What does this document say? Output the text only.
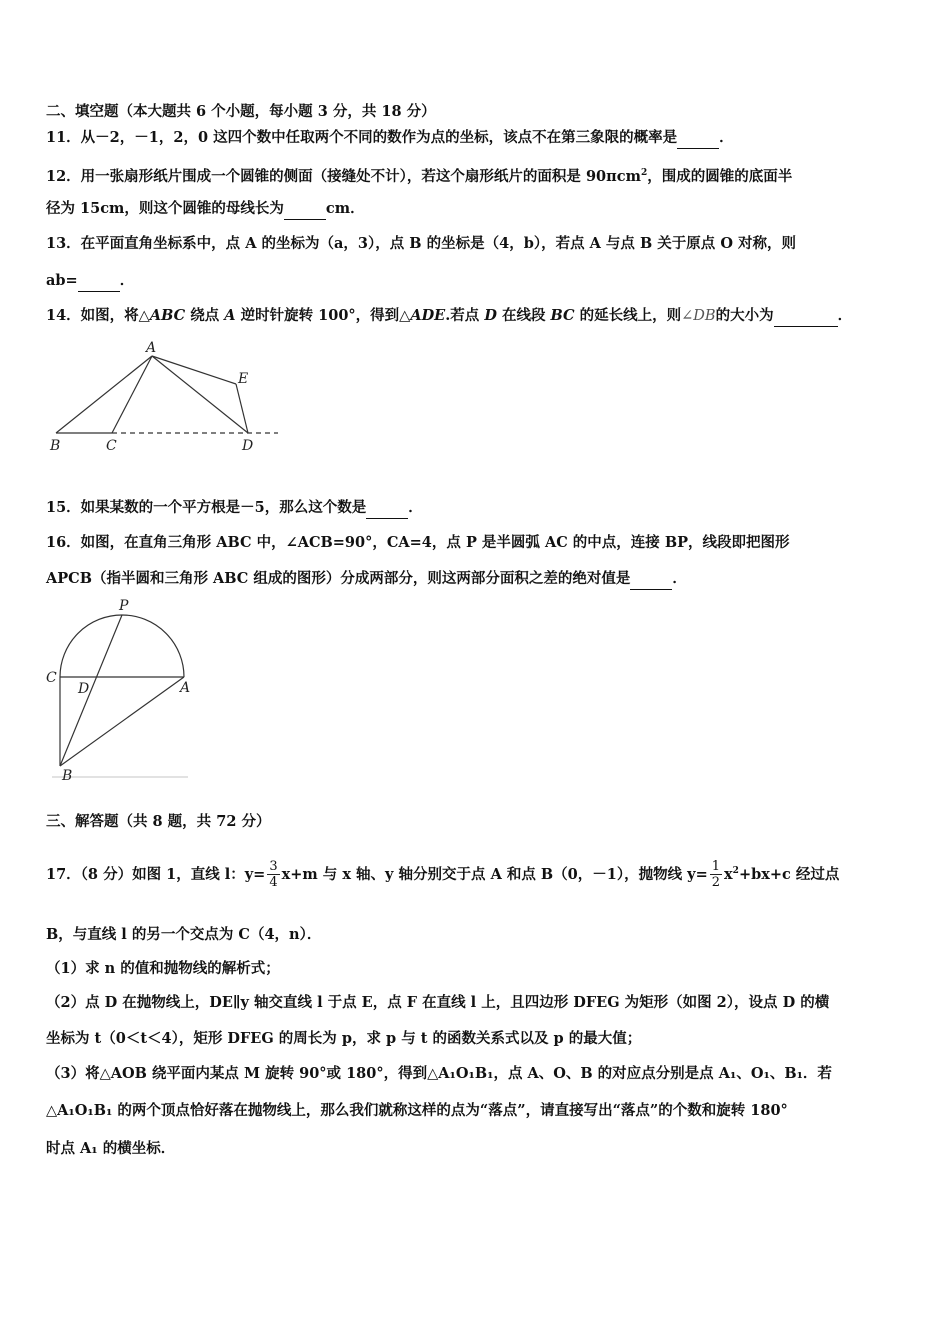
二、填空题（本大题共 6 个小题，每小题 3 分，共 18 分）
11．从－2，－1，2，0 这四个数中任取两个不同的数作为点的坐标，该点不在第三象限的概率是	．
12．用一张扇形纸片围成一个圆锥的侧面（接缝处不计），若这个扇形纸片的面积是 90πcm$^2$，围成的圆锥的底面半
径为 15cm，则这个圆锥的母线长为	cm．
13．在平面直角坐标系中，点 A 的坐标为（a，3），点 B 的坐标是（4，b），若点 A 与点 B 关于原点 O 对称，则
ab=	．
14．如图，将△ABC 绕点 A 逆时针旋转 100°，得到△ADE.若点 D 在线段 BC 的延长线上，则∠DB的大小为	．
A
B	C	D
E
15．如果某数的一个平方根是－5，那么这个数是	．
16．如图，在直角三角形 ABC 中，∠ACB=90°，CA=4，点 P 是半圆弧 AC 的中点，连接 BP，线段即把图形
APCB（指半圆和三角形 ABC 组成的图形）分成两部分，则这两部分面积之差的绝对值是	．
P
C
D	A
B
三、解答题（共 8 题，共 72 分）
17．（8 分）如图 1，直线 l：$y= \frac{3}{4} x+m$ 与 x 轴、y 轴分别交于点 A 和点 B（0，－1），抛物线 $y= \frac{1}{2} x^2+bx+c$ 经过点
B，与直线 l 的另一个交点为 C（4，n）．
（1）求 n 的值和抛物线的解析式；
（2）点 D 在抛物线上，DE∥y 轴交直线 l 于点 E，点 F 在直线 l 上，且四边形 DFEG 为矩形（如图 2），设点 D 的横
坐标为 t（0＜t＜4），矩形 DFEG 的周长为 p，求 p 与 t 的函数关系式以及 p 的最大值；
（3）将△AOB 绕平面内某点 M 旋转 90°或 180°，得到△A₁O₁B₁，点 A、O、B 的对应点分别是点 A₁、O₁、B₁．若
△A₁O₁B₁ 的两个顶点恰好落在抛物线上，那么我们就称这样的点为“落点”，请直接写出“落点”的个数和旋转 180°
时点 A₁ 的横坐标．
